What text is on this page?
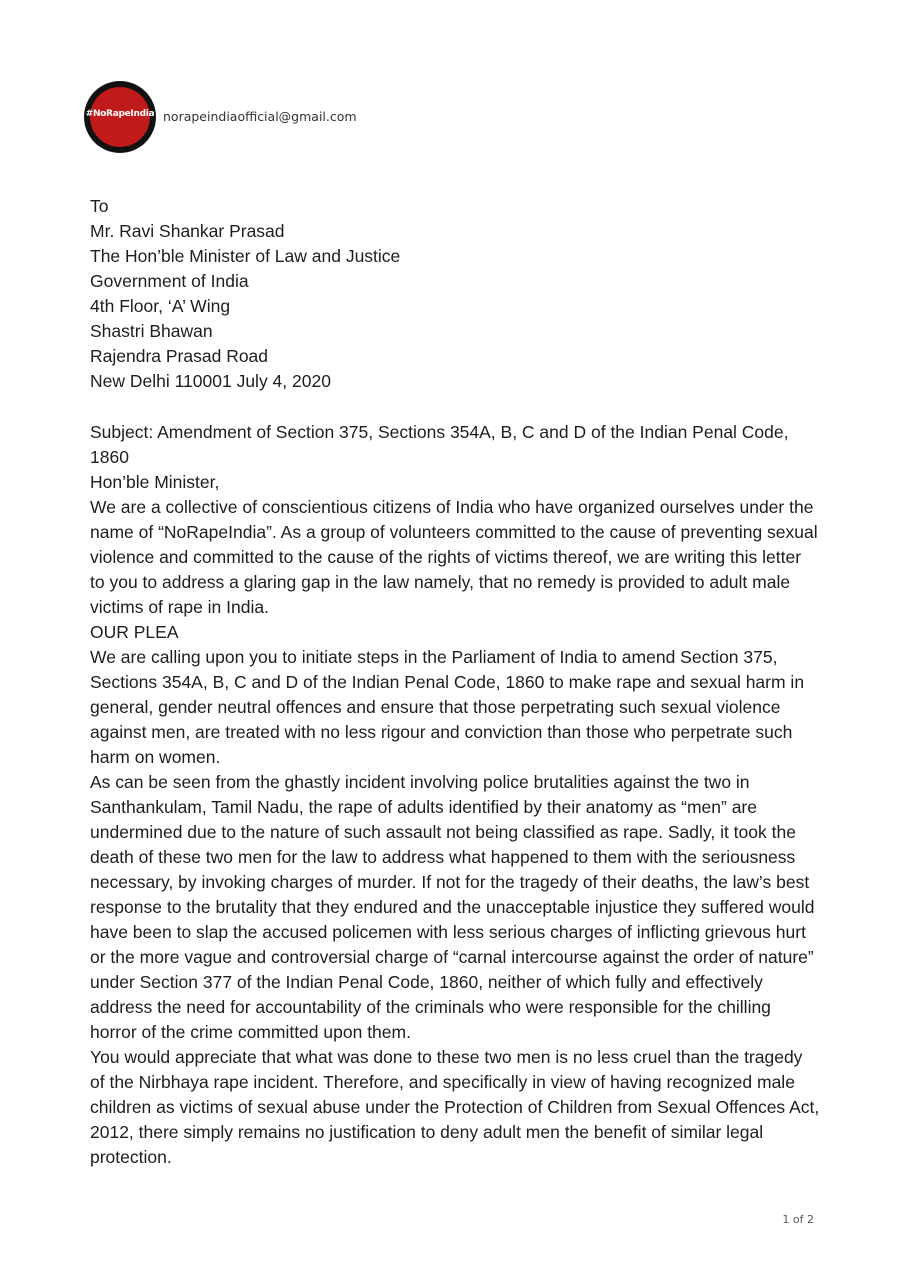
#NoRapeIndia norapeindiaofficial@gmail.com
To
Mr. Ravi Shankar Prasad
The Hon’ble Minister of Law and Justice
Government of India
4th Floor, ‘A’ Wing
Shastri Bhawan
Rajendra Prasad Road
New Delhi 110001 July 4, 2020

Subject: Amendment of Section 375, Sections 354A, B, C and D of the Indian Penal Code, 1860

Hon’ble Minister,

We are a collective of conscientious citizens of India who have organized ourselves under the name of “NoRapeIndia”. As a group of volunteers committed to the cause of preventing sexual violence and committed to the cause of the rights of victims thereof, we are writing this letter to you to address a glaring gap in the law namely, that no remedy is provided to adult male victims of rape in India.

OUR PLEA

We are calling upon you to initiate steps in the Parliament of India to amend Section 375, Sections 354A, B, C and D of the Indian Penal Code, 1860 to make rape and sexual harm in general, gender neutral offences and ensure that those perpetrating such sexual violence against men, are treated with no less rigour and conviction than those who perpetrate such harm on women.

As can be seen from the ghastly incident involving police brutalities against the two in Santhankulam, Tamil Nadu, the rape of adults identified by their anatomy as “men” are undermined due to the nature of such assault not being classified as rape. Sadly, it took the death of these two men for the law to address what happened to them with the seriousness necessary, by invoking charges of murder. If not for the tragedy of their deaths, the law’s best response to the brutality that they endured and the unacceptable injustice they suffered would have been to slap the accused policemen with less serious charges of inflicting grievous hurt or the more vague and controversial charge of “carnal intercourse against the order of nature” under Section 377 of the Indian Penal Code, 1860, neither of which fully and effectively address the need for accountability of the criminals who were responsible for the chilling horror of the crime committed upon them.

You would appreciate that what was done to these two men is no less cruel than the tragedy of the Nirbhaya rape incident. Therefore, and specifically in view of having recognized male children as victims of sexual abuse under the Protection of Children from Sexual Offences Act, 2012, there simply remains no justification to deny adult men the benefit of similar legal protection.

1 of 2
